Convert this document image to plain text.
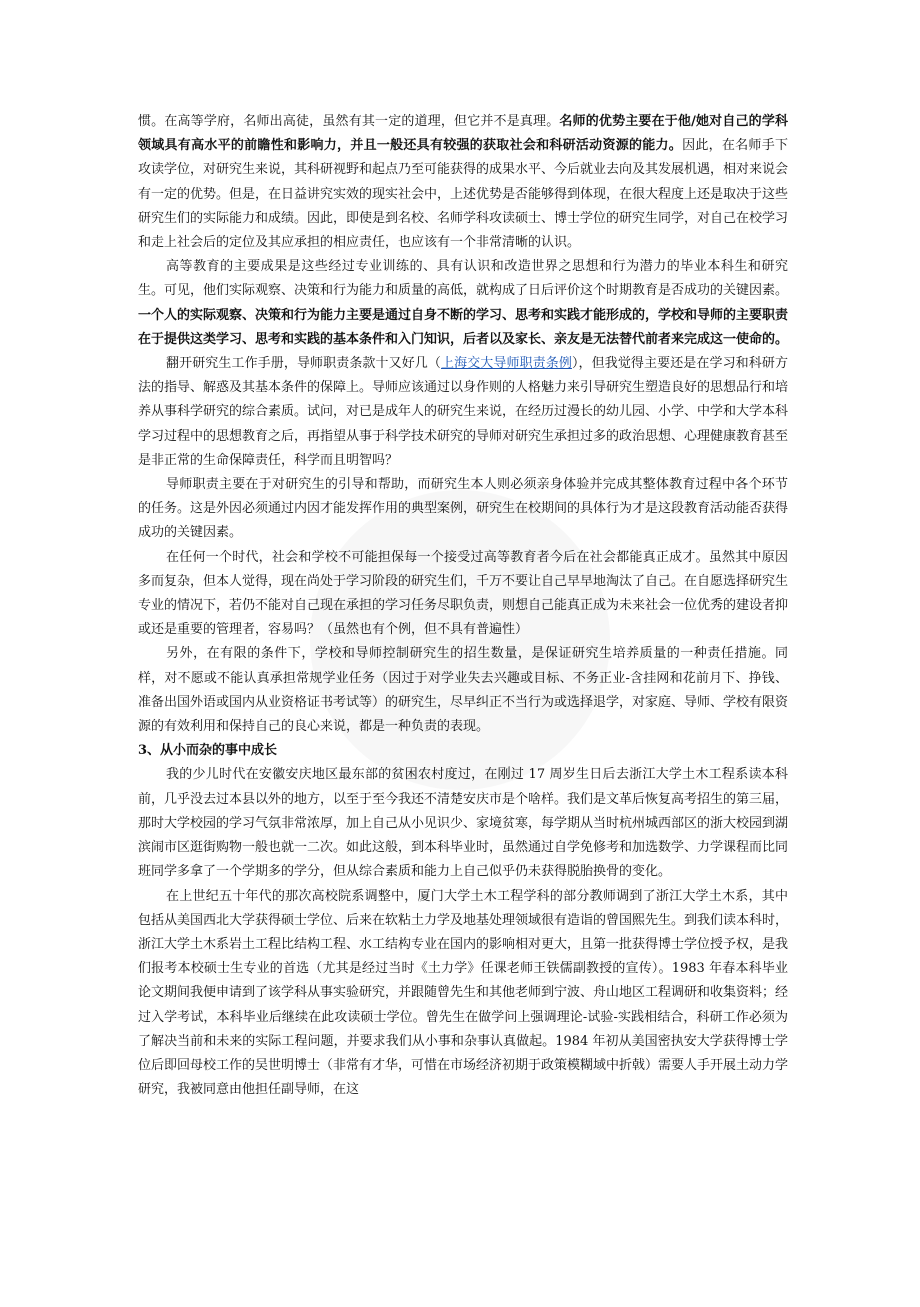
惯。在高等学府，名师出高徒，虽然有其一定的道理，但它并不是真理。名师的优势主要在于他/她对自己的学科领域具有高水平的前瞻性和影响力，并且一般还具有较强的获取社会和科研活动资源的能力。因此，在名师手下攻读学位，对研究生来说，其科研视野和起点乃至可能获得的成果水平、今后就业去向及其发展机遇，相对来说会有一定的优势。但是，在日益讲究实效的现实社会中，上述优势是否能够得到体现，在很大程度上还是取决于这些研究生们的实际能力和成绩。因此，即使是到名校、名师学科攻读硕士、博士学位的研究生同学，对自己在校学习和走上社会后的定位及其应承担的相应责任，也应该有一个非常清晰的认识。

高等教育的主要成果是这些经过专业训练的、具有认识和改造世界之思想和行为潜力的毕业本科生和研究生。可见，他们实际观察、决策和行为能力和质量的高低，就构成了日后评价这个时期教育是否成功的关键因素。一个人的实际观察、决策和行为能力主要是通过自身不断的学习、思考和实践才能形成的，学校和导师的主要职责在于提供这类学习、思考和实践的基本条件和入门知识，后者以及家长、亲友是无法替代前者来完成这一使命的。

翻开研究生工作手册，导师职责条款十又好几（上海交大导师职责条例），但我觉得主要还是在学习和科研方法的指导、解惑及其基本条件的保障上。导师应该通过以身作则的人格魅力来引导研究生塑造良好的思想品行和培养从事科学研究的综合素质。试问，对已是成年人的研究生来说，在经历过漫长的幼儿园、小学、中学和大学本科学习过程中的思想教育之后，再指望从事于科学技术研究的导师对研究生承担过多的政治思想、心理健康教育甚至是非正常的生命保障责任，科学而且明智吗？

导师职责主要在于对研究生的引导和帮助，而研究生本人则必须亲身体验并完成其整体教育过程中各个环节的任务。这是外因必须通过内因才能发挥作用的典型案例，研究生在校期间的具体行为才是这段教育活动能否获得成功的关键因素。

在任何一个时代，社会和学校不可能担保每一个接受过高等教育者今后在社会都能真正成才。虽然其中原因多而复杂，但本人觉得，现在尚处于学习阶段的研究生们，千万不要让自己早早地淘汰了自己。在自愿选择研究生专业的情况下，若仍不能对自己现在承担的学习任务尽职负责，则想自己能真正成为未来社会一位优秀的建设者抑或还是重要的管理者，容易吗？（虽然也有个例，但不具有普遍性）

另外，在有限的条件下，学校和导师控制研究生的招生数量，是保证研究生培养质量的一种责任措施。同样，对不愿或不能认真承担常规学业任务（因过于对学业失去兴趣或目标、不务正业-含挂网和花前月下、挣钱、准备出国外语或国内从业资格证书考试等）的研究生，尽早纠正不当行为或选择退学，对家庭、导师、学校有限资源的有效利用和保持自己的良心来说，都是一种负责的表现。

3、从小而杂的事中成长

我的少儿时代在安徽安庆地区最东部的贫困农村度过，在刚过 17 周岁生日后去浙江大学土木工程系读本科前，几乎没去过本县以外的地方，以至于至今我还不清楚安庆市是个啥样。我们是文革后恢复高考招生的第三届，那时大学校园的学习气氛非常浓厚，加上自己从小见识少、家境贫寒，每学期从当时杭州城西部区的浙大校园到湖滨闹市区逛街购物一般也就一二次。如此这般，到本科毕业时，虽然通过自学免修考和加选数学、力学课程而比同班同学多拿了一个学期多的学分，但从综合素质和能力上自己似乎仍未获得脱胎换骨的变化。

在上世纪五十年代的那次高校院系调整中，厦门大学土木工程学科的部分教师调到了浙江大学土木系，其中包括从美国西北大学获得硕士学位、后来在软粘土力学及地基处理领域很有造诣的曾国熙先生。到我们读本科时，浙江大学土木系岩土工程比结构工程、水工结构专业在国内的影响相对更大，且第一批获得博士学位授予权，是我们报考本校硕士生专业的首选（尤其是经过当时《土力学》任课老师王铁儒副教授的宣传）。1983 年春本科毕业论文期间我便申请到了该学科从事实验研究，并跟随曾先生和其他老师到宁波、舟山地区工程调研和收集资料；经过入学考试，本科毕业后继续在此攻读硕士学位。曾先生在做学问上强调理论-试验-实践相结合，科研工作必须为了解决当前和未来的实际工程问题，并要求我们从小事和杂事认真做起。1984 年初从美国密执安大学获得博士学位后即回母校工作的吴世明博士（非常有才华，可惜在市场经济初期于政策模糊域中折戟）需要人手开展土动力学研究，我被同意由他担任副导师，在这
